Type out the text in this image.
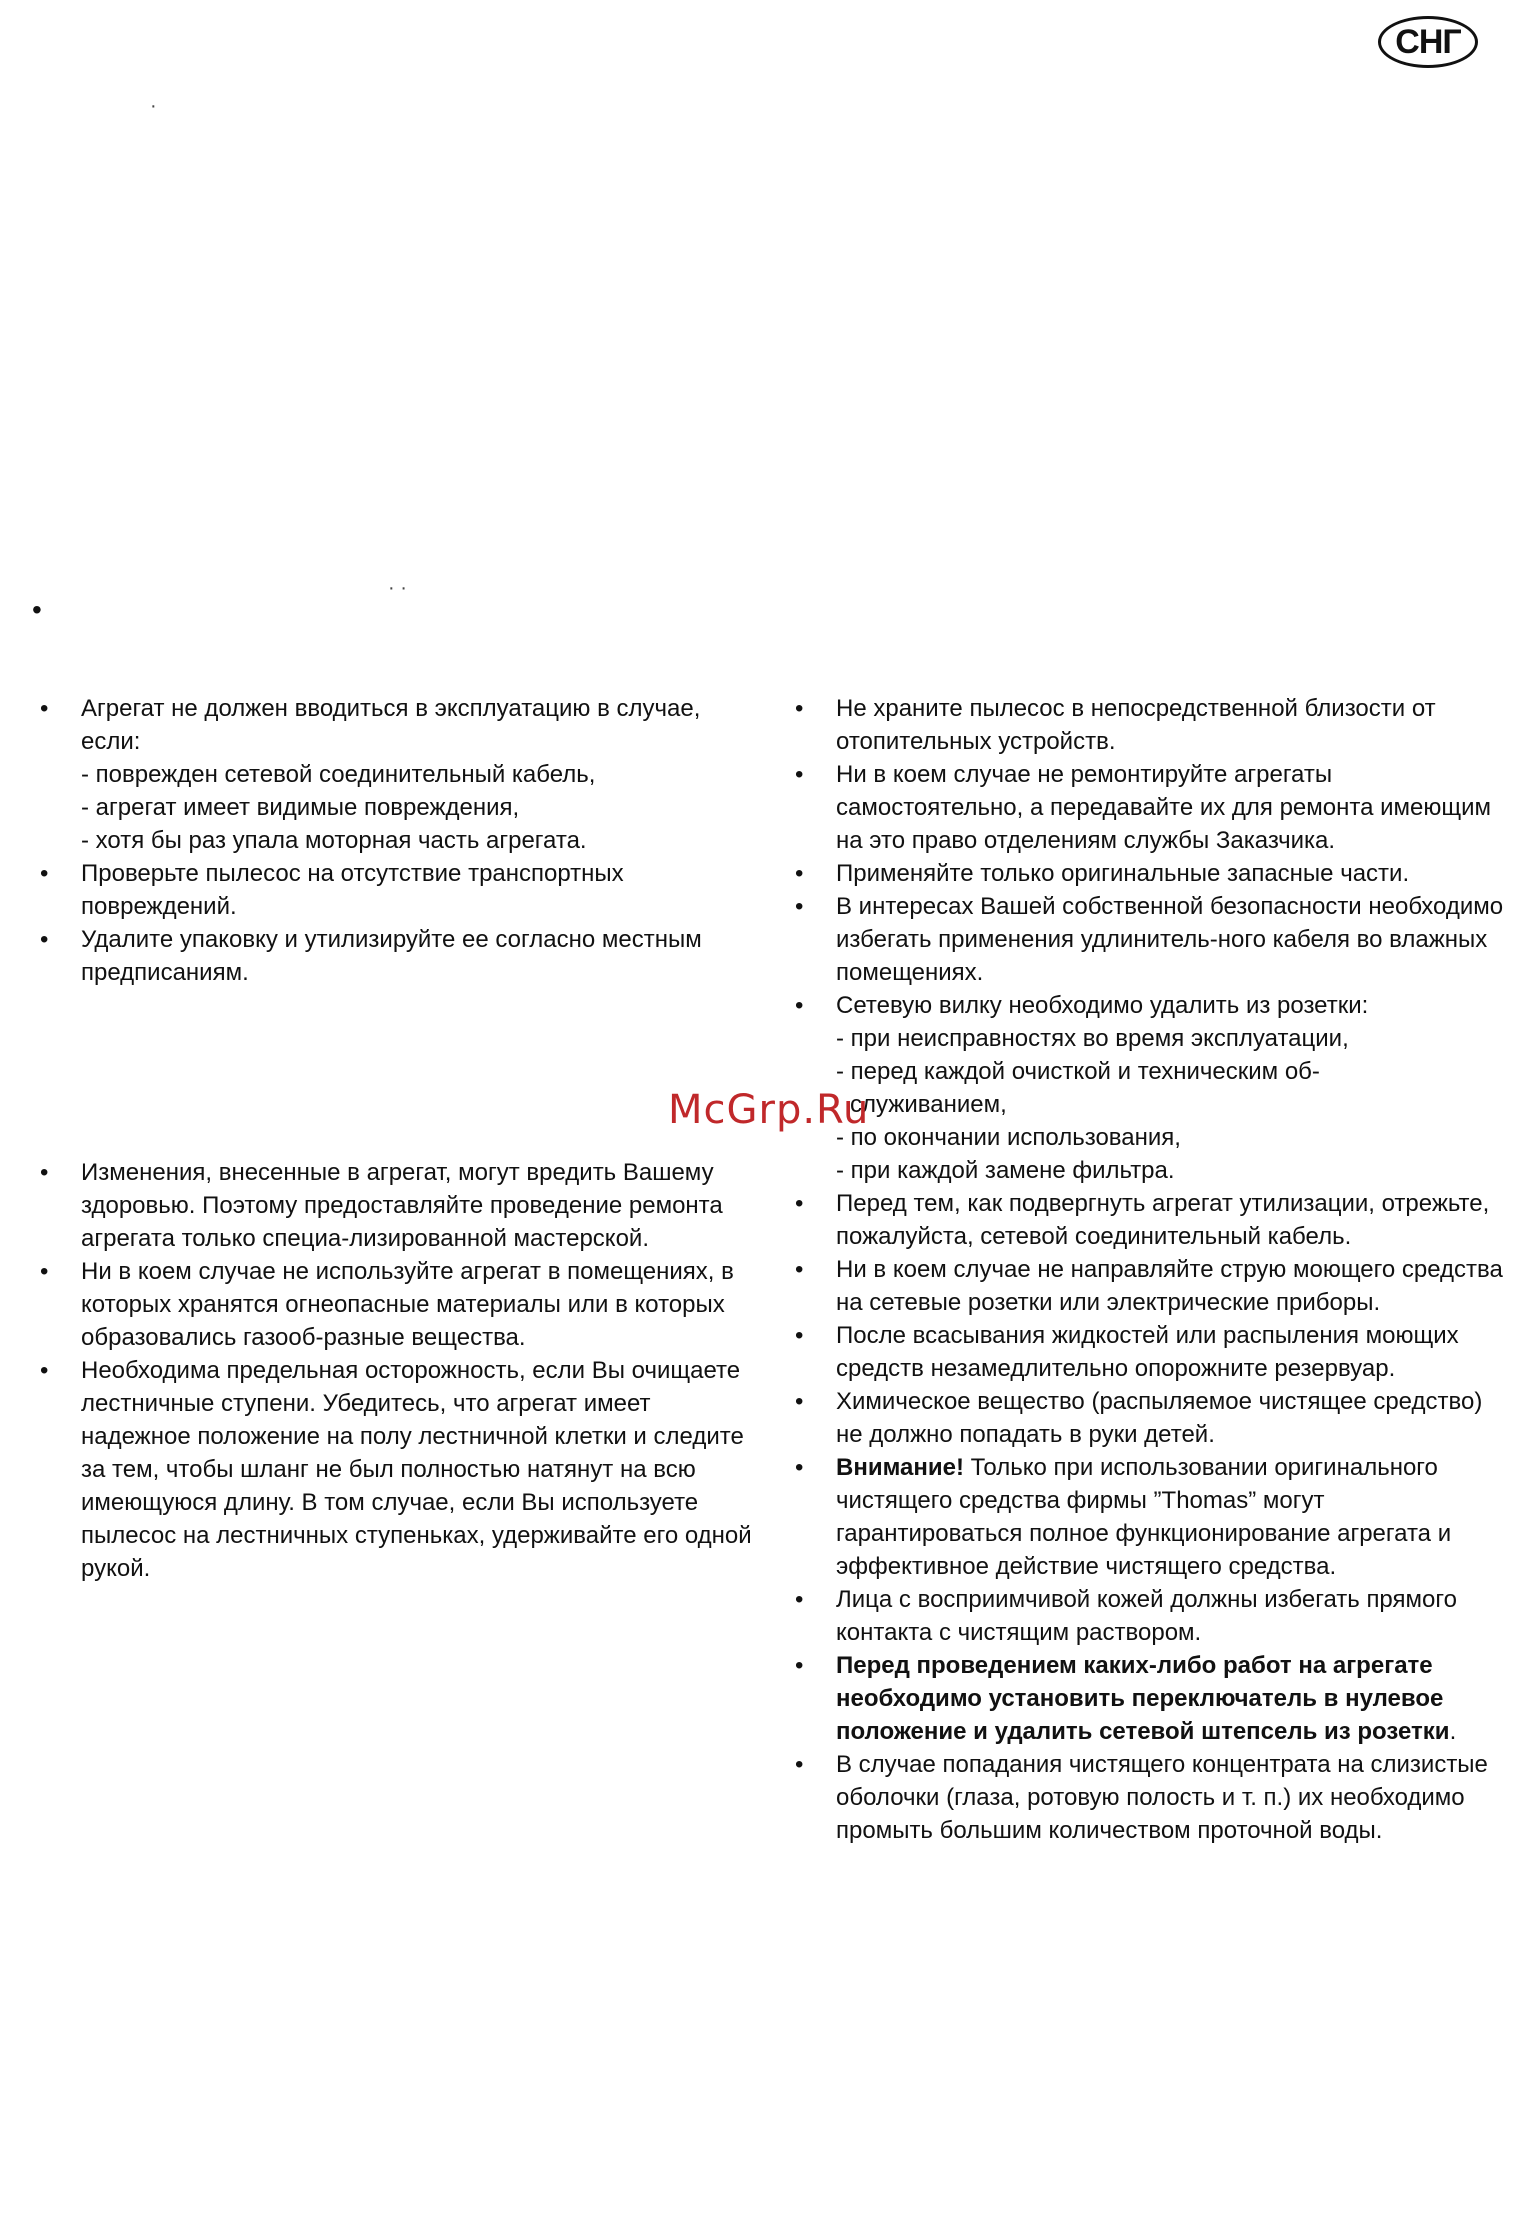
СНГ
·
· ·
•

• Агрегат не должен вводиться в эксплуатацию в случае, если:
- поврежден сетевой соединительный кабель,
- агрегат имеет видимые повреждения,
- хотя бы раз упала моторная часть агрегата.

• Проверьте пылесос на отсутствие транспортных повреждений.

• Удалите упаковку и утилизируйте ее согласно местным предписаниям.

• Изменения, внесенные в агрегат, могут вредить Вашему здоровью. Поэтому предоставляйте проведение ремонта агрегата только специа-лизированной мастерской.

• Ни в коем случае не используйте агрегат в помещениях, в которых хранятся огнеопасные материалы или в которых образовались газооб-разные вещества.

• Необходима предельная осторожность, если Вы очищаете лестничные ступени. Убедитесь, что агрегат имеет надежное положение на полу лестничной клетки и следите за тем, чтобы шланг не был полностью натянут на всю имеющуюся длину. В том случае, если Вы используете пылесос на лестничных ступеньках, удерживайте его одной рукой.

• Не храните пылесос в непосредственной близости от отопительных устройств.

• Ни в коем случае не ремонтируйте агрегаты самостоятельно, а передавайте их для ремонта имеющим на это право отделениям службы Заказчика.

• Применяйте только оригинальные запасные части.

• В интересах Вашей собственной безопасности необходимо избегать применения удлинитель-ного кабеля во влажных помещениях.

• Сетевую вилку необходимо удалить из розетки:
- при неисправностях во время эксплуатации,
- перед каждой очисткой и техническим об-
служиванием,
- по окончании использования,
- при каждой замене фильтра.

• Перед тем, как подвергнуть агрегат утилизации, отрежьте, пожалуйста, сетевой соединительный кабель.

• Ни в коем случае не направляйте струю моющего средства на сетевые розетки или электрические приборы.

• После всасывания жидкостей или распыления моющих средств незамедлительно опорожните резервуар.

• Химическое вещество (распыляемое чистящее средство) не должно попадать в руки детей.

• Внимание! Только при использовании оригинального чистящего средства фирмы ”Thomas” могут гарантироваться полное функционирование агрегата и эффективное действие чистящего средства.

• Лица с восприимчивой кожей должны избегать прямого контакта с чистящим раствором.

• Перед проведением каких-либо работ на агрегате необходимо установить переключатель в нулевое положение и удалить сетевой штепсель из розетки.

• В случае попадания чистящего концентрата на слизистые оболочки (глаза, ротовую полость и т. п.) их необходимо промыть большим количеством проточной воды.

McGrp.Ru
